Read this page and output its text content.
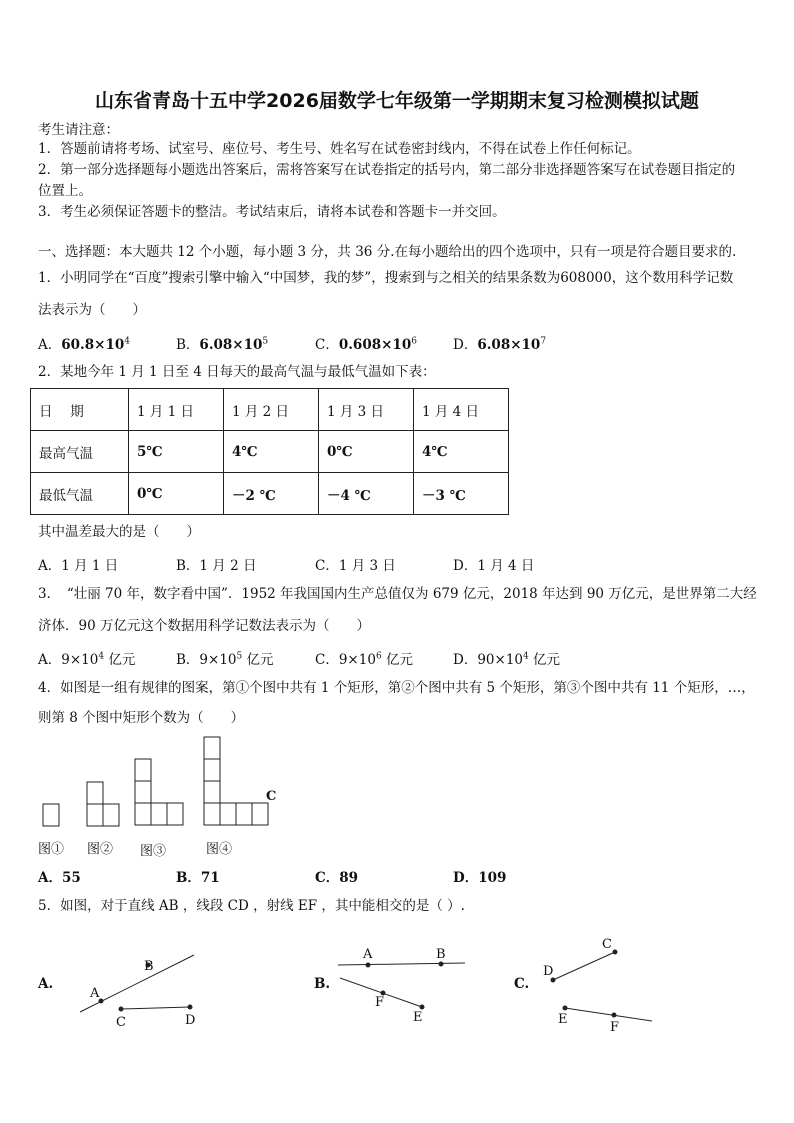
山东省青岛十五中学2026届数学七年级第一学期期末复习检测模拟试题
考生请注意：
1．答题前请将考场、试室号、座位号、考生号、姓名写在试卷密封线内，不得在试卷上作任何标记。
2．第一部分选择题每小题选出答案后，需将答案写在试卷指定的括号内，第二部分非选择题答案写在试卷题目指定的
位置上。
3．考生必须保证答题卡的整洁。考试结束后，请将本试卷和答题卡一并交回。
一、选择题：本大题共 12 个小题，每小题 3 分，共 36 分.在每小题给出的四个选项中，只有一项是符合题目要求的.
1．小明同学在“百度”搜索引擎中输入“中国梦，我的梦”，搜索到与之相关的结果条数为608000，这个数用科学记数
法表示为（　　）
A．$60.8\times 10^4$	B．$6.08\times 10^5$	C．$0.608\times 10^6$	D．$6.08\times 10^7$
2．某地今年 1 月 1 日至 4 日每天的最高气温与最低气温如下表：
日　 期	1 月 1 日	1 月 2 日	1 月 3 日	1 月 4 日
最高气温	5℃	4℃	0℃	4℃
最低气温	0℃	－2 ℃	－4 ℃	－3 ℃
其中温差最大的是（　　）
A．1 月 1 日	B．1 月 2 日	C．1 月 3 日	D．1 月 4 日
3．　“壮丽 70 年，数字看中国”．1952 年我国国内生产总值仅为 679 亿元，2018 年达到 90 万亿元，是世界第二大经
济体．90 万亿元这个数据用科学记数法表示为（　　）
A．$9\times 10^4$ 亿元	B．$9\times 10^5$ 亿元	C．$9\times 10^6$ 亿元	D．$90\times 10^4$ 亿元
4．如图是一组有规律的图案，第①个图中共有 1 个矩形，第②个图中共有 5 个矩形，第③个图中共有 11 个矩形，…，
则第 8 个图中矩形个数为（　　）
C
图① 图② 图③	图④
A．55	B．71	C．89	D．109
5．如图，对于直线 AB ，线段 CD ，射线 EF ，其中能相交的是（ ）.
A.	B.	C.
A
B
C	D
A	B
F
E
C
D
E
F
